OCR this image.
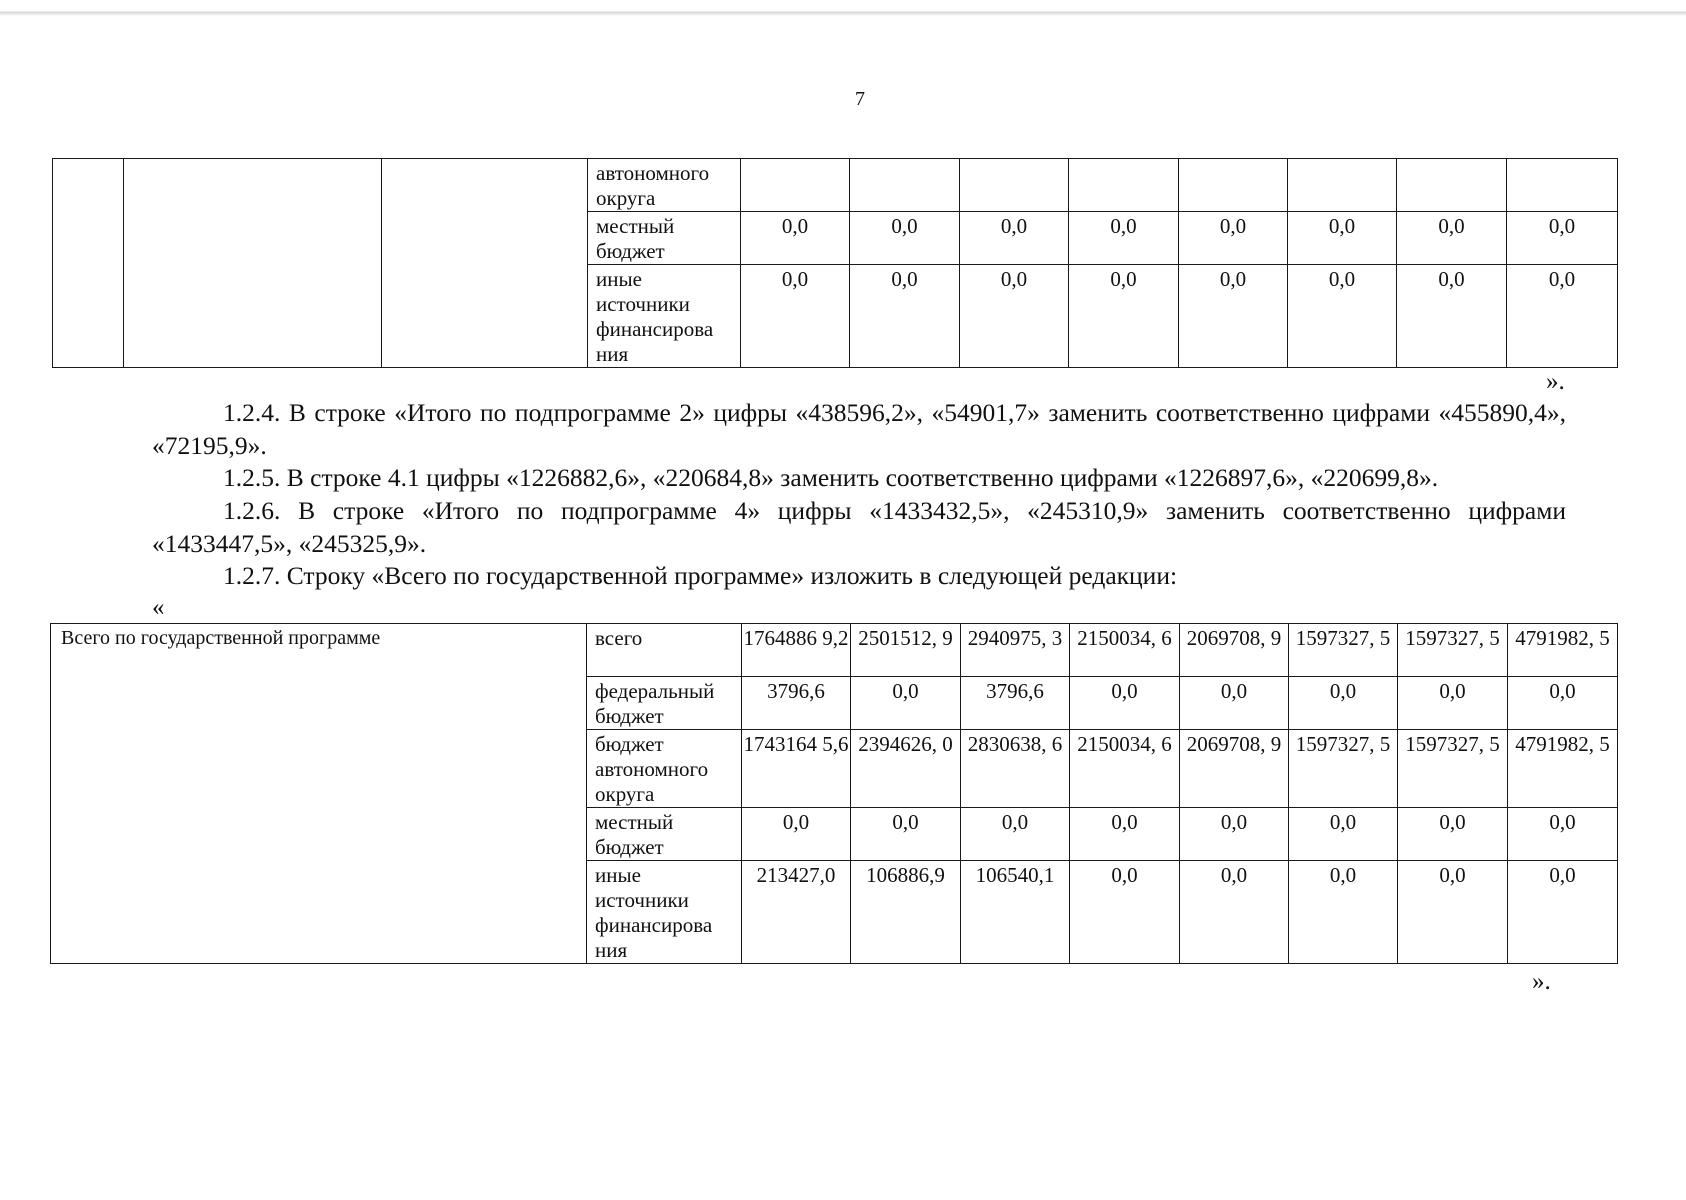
7
			автономного округа								
			местный бюджет	0,0	0,0	0,0	0,0	0,0	0,0	0,0	0,0
			иные источники финансирова ния	0,0	0,0	0,0	0,0	0,0	0,0	0,0	0,0
».

1.2.4. В строке «Итого по подпрограмме 2» цифры «438596,2», «54901,7» заменить соответственно цифрами «455890,4», «72195,9».

1.2.5. В строке 4.1 цифры «1226882,6», «220684,8» заменить соответственно цифрами «1226897,6», «220699,8».

1.2.6. В строке «Итого по подпрограмме 4» цифры «1433432,5», «245310,9» заменить соответственно цифрами «1433447,5», «245325,9».

1.2.7. Строку «Всего по государственной программе» изложить в следующей редакции:

«
Всего по государственной программе	всего	1764886 9,2	2501512, 9	2940975, 3	2150034, 6	2069708, 9	1597327, 5	1597327, 5	4791982, 5
	федеральный бюджет	3796,6	0,0	3796,6	0,0	0,0	0,0	0,0	0,0
	бюджет автономного округа	1743164 5,6	2394626, 0	2830638, 6	2150034, 6	2069708, 9	1597327, 5	1597327, 5	4791982, 5
	местный бюджет	0,0	0,0	0,0	0,0	0,0	0,0	0,0	0,0
	иные источники финансирова ния	213427,0	106886,9	106540,1	0,0	0,0	0,0	0,0	0,0
».
